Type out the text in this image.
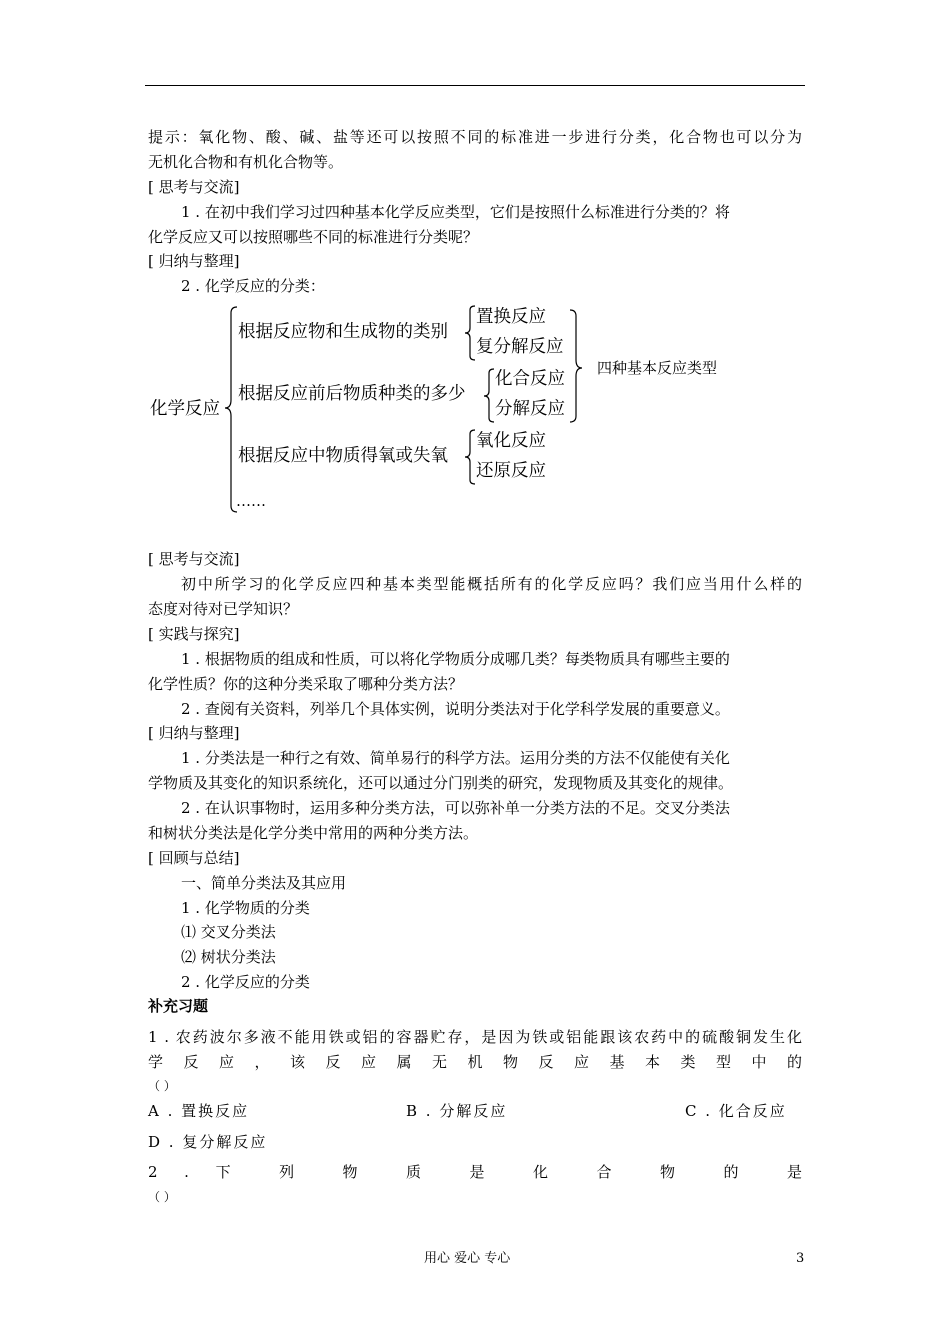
提示：氧化物、酸、碱、盐等还可以按照不同的标准进一步进行分类，化合物也可以分为
无机化合物和有机化合物等。
[ 思考与交流]
1 . 在初中我们学习过四种基本化学反应类型，它们是按照什么标准进行分类的？将
化学反应又可以按照哪些不同的标准进行分类呢？
[ 归纳与整理]
2 . 化学反应的分类：
化学反应
根据反应物和生成物的类别
置换反应
复分解反应
根据反应前后物质种类的多少
化合反应
分解反应
根据反应中物质得氧或失氧
氧化反应
还原反应
……
四种基本反应类型
[ 思考与交流]
初中所学习的化学反应四种基本类型能概括所有的化学反应吗？我们应当用什么样的
态度对待对已学知识？
[ 实践与探究]
1 . 根据物质的组成和性质，可以将化学物质分成哪几类？每类物质具有哪些主要的
化学性质？你的这种分类采取了哪种分类方法？
2 . 查阅有关资料，列举几个具体实例，说明分类法对于化学科学发展的重要意义。
[ 归纳与整理]
1 . 分类法是一种行之有效、简单易行的科学方法。运用分类的方法不仅能使有关化
学物质及其变化的知识系统化，还可以通过分门别类的研究，发现物质及其变化的规律。
2 . 在认识事物时，运用多种分类方法，可以弥补单一分类方法的不足。交叉分类法
和树状分类法是化学分类中常用的两种分类方法。
[ 回顾与总结]
一、简单分类法及其应用
1 . 化学物质的分类
⑴ 交叉分类法
⑵ 树状分类法
2 . 化学反应的分类
补充习题
1 . 农药波尔多液不能用铁或铝的容器贮存，是因为铁或铝能跟该农药中的硫酸铜发生化
学 反 应 ， 该 反 应 属 无 机 物 反 应 基 本 类 型 中 的
（ ）
A . 置换反应	B . 分解反应	C . 化合反应
D . 复分解反应
2 . 下 列 物 质 是 化 合 物 的 是
（ ）
用心 爱心 专心	3
